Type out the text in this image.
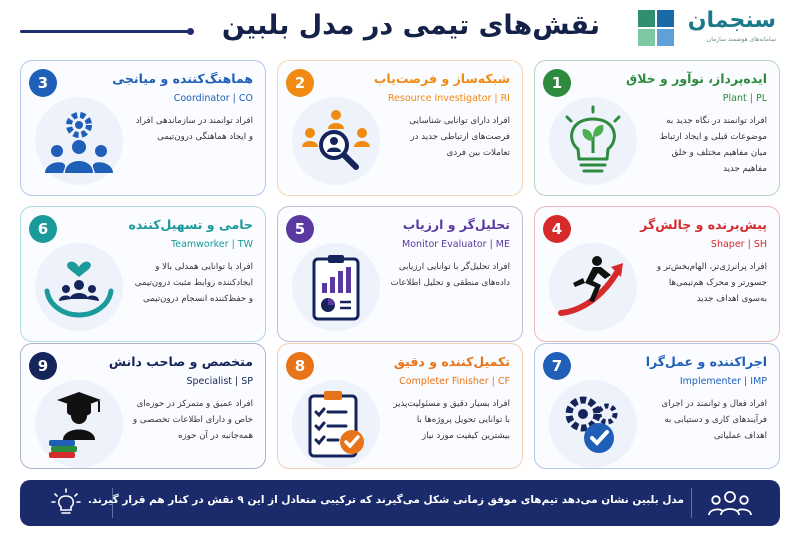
نقش‌های تیمی در مدل بلبین	سنجمان
سامانه‌های هوشمند سازمان
1	ایده‌پرداز، نوآور و خلاق
Plant | PL
افراد توانمند در نگاه جدید به موضوعات قبلی و ایجاد ارتباط میان مفاهیم مختلف و خلق مفاهیم جدید
2	شبکه‌ساز و فرصت‌یاب
Resource Investigator | RI
افراد دارای توانایی شناسایی فرصت‌های ارتباطی جدید در تعاملات بین فردی
3	هماهنگ‌کننده و میانجی
Coordinator | CO
افراد توانمند در سازماندهی افراد و ایجاد هماهنگی درون‌تیمی
4	پیش‌برنده و چالش‌گر
Shaper | SH
افراد پرانرژی‌تر، الهام‌بخش‌تر و جسورتر و محرک هم‌تیمی‌ها به‌سوی اهداف جدید
5	تحلیل‌گر و ارزیاب
Monitor Evaluator | ME
افراد تحلیل‌گر با توانایی ارزیابی داده‌های منطقی و تحلیل اطلاعات
6	حامی و تسهیل‌کننده
Teamworker | TW
افراد با توانایی همدلی بالا و ایجادکننده روابط مثبت درون‌تیمی و حفظ‌کننده انسجام درون‌تیمی
7	اجراکننده و عمل‌گرا
Implementer | IMP
افراد فعال و توانمند در اجرای فرآیندهای کاری و دستیابی به اهداف عملیاتی
8	تکمیل‌کننده و دقیق
Completer Finisher | CF
افراد بسیار دقیق و مسئولیت‌پذیر با توانایی تحویل پروژه‌ها با بیشترین کیفیت مورد نیاز
9	متخصص و صاحب دانش
Specialist | SP
افراد عمیق و متمرکز در حوزه‌ای خاص و دارای اطلاعات تخصصی و همه‌جانبه در آن حوزه
مدل بلبین نشان می‌دهد تیم‌های موفق زمانی شکل می‌گیرند که ترکیبی متعادل از این ۹ نقش در کنار هم قرار گیرند.
